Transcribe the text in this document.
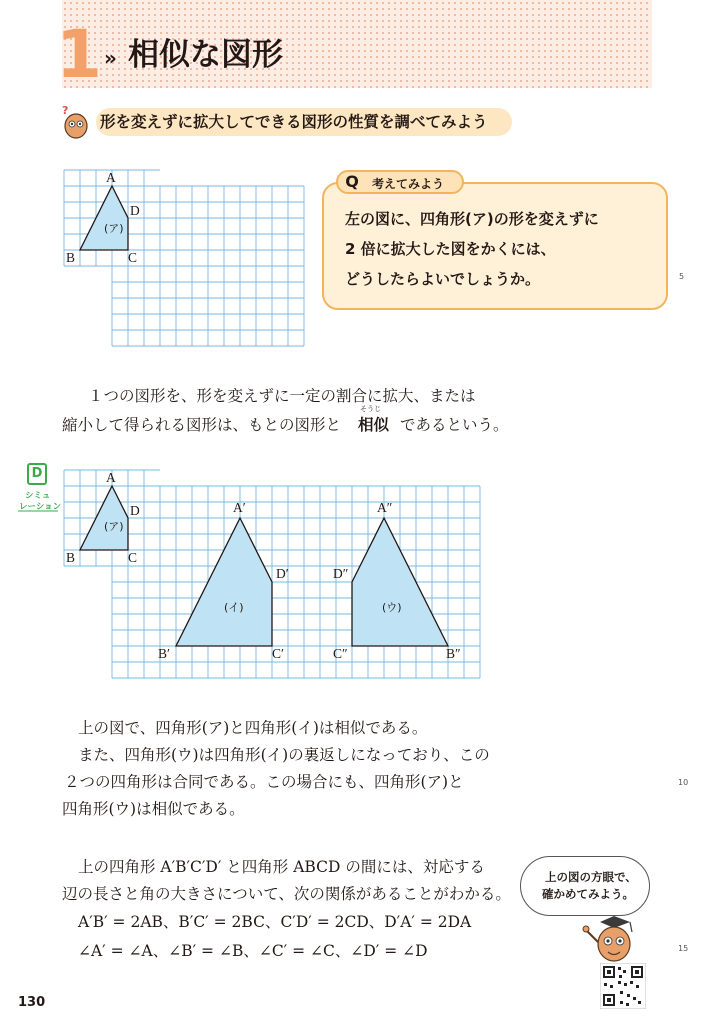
1 » 相似な図形
?
形を変えずに拡大してできる図形の性質を調べてみよう
A
D
B	C
(ア)
Q	考えてみよう
左の図に、四角形(ア)の形を変えずに
2 倍に拡大した図をかくには、
どうしたらよいでしょうか。	5
１つの図形を、形を変えずに一定の割合に拡大、または
縮小して得られる図形は、もとの図形と
そうじ
相似 であるという。
D
シミュ
レーション
A
D
B	C
(ア)
A′
D′
B′	C′
(イ)
A″
D″
B″
C″
(ウ)
上の図で、四角形(ア)と四角形(イ)は相似である。
また、四角形(ウ)は四角形(イ)の裏返しになっており、この
２つの四角形は合同である。この場合にも、四角形(ア)と
四角形(ウ)は相似である。
10
上の四角形 A′B′C′D′ と四角形 ABCD の間には、対応する
辺の長さと角の大きさについて、次の関係があることがわかる。
A′B′ = 2AB、B′C′ = 2BC、C′D′ = 2CD、D′A′ = 2DA
∠A′ = ∠A、∠B′ = ∠B、∠C′ = ∠C、∠D′ = ∠D	15
上の図の方眼で、
確かめてみよう。
130
